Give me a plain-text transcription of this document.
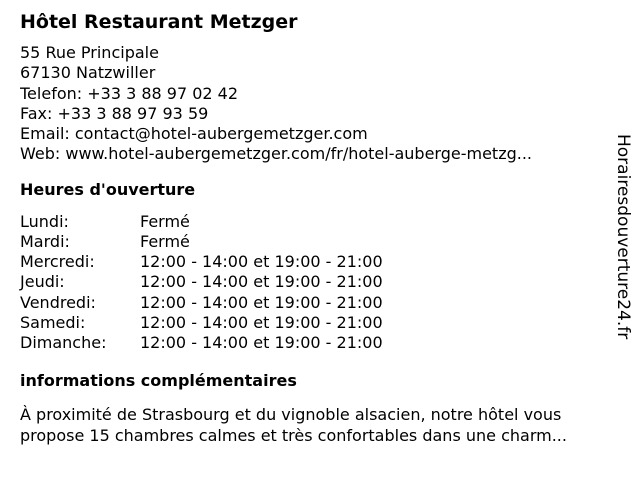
Hôtel Restaurant Metzger
55 Rue Principale
67130 Natzwiller
Telefon: +33 3 88 97 02 42
Fax: +33 3 88 97 93 59
Email: contact@hotel-aubergemetzger.com
Web: www.hotel-aubergemetzger.com/fr/hotel-auberge-metzg...
Heures d'ouverture
Lundi:	Fermé
Mardi:	Fermé
Mercredi:	12:00 - 14:00 et 19:00 - 21:00
Jeudi:	12:00 - 14:00 et 19:00 - 21:00
Vendredi:	12:00 - 14:00 et 19:00 - 21:00
Samedi:	12:00 - 14:00 et 19:00 - 21:00
Dimanche:	12:00 - 14:00 et 19:00 - 21:00
informations complémentaires
À proximité de Strasbourg et du vignoble alsacien, notre hôtel vous
propose 15 chambres calmes et très confortables dans une charm...
Horairesdouverture24.fr
